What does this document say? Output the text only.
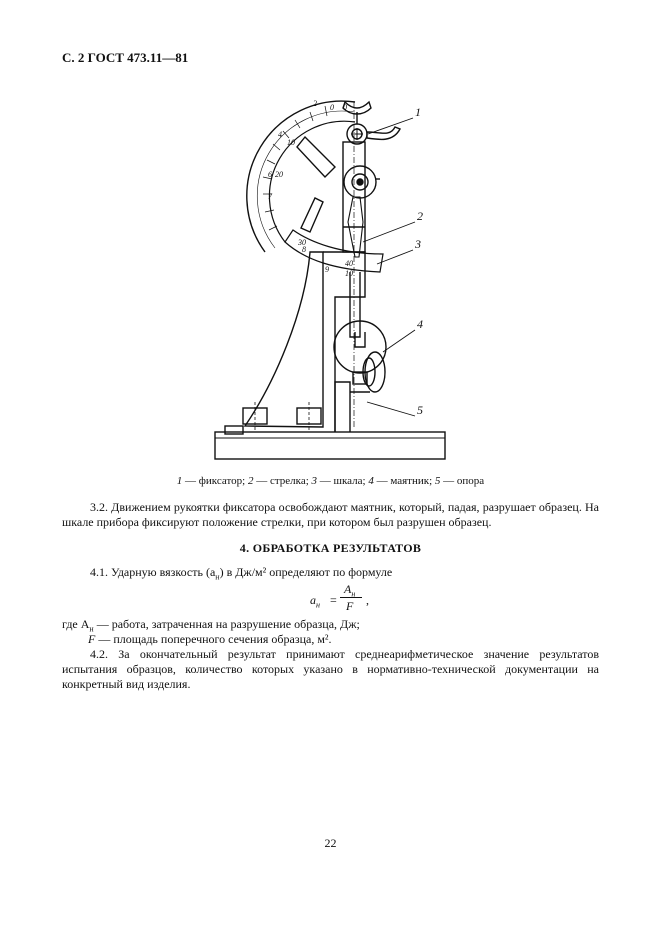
С. 2 ГОСТ 473.11—81
2 0
10
20
30
40
0
4
6
7
8
9 10
1
2
3
4
5
1 — фиксатор; 2 — стрелка; 3 — шкала; 4 — маятник; 5 — опора
3.2. Движением рукоятки фиксатора освобождают маятник, который, падая, разрушает образец. На шкале прибора фиксируют положение стрелки, при котором был разрушен образец.
4. ОБРАБОТКА РЕЗУЛЬТАТОВ
4.1. Ударную вязкость $(a_н)$ в Дж/м² определяют по формуле
$a_н$ =
$A_н$
F ,
где $A_н$ — работа, затраченная на разрушение образца, Дж;
F — площадь поперечного сечения образца, м².
4.2. За окончательный результат принимают среднеарифметическое значение результатов испытания образцов, количество которых указано в нормативно-технической документации на конкретный вид изделия.
22
